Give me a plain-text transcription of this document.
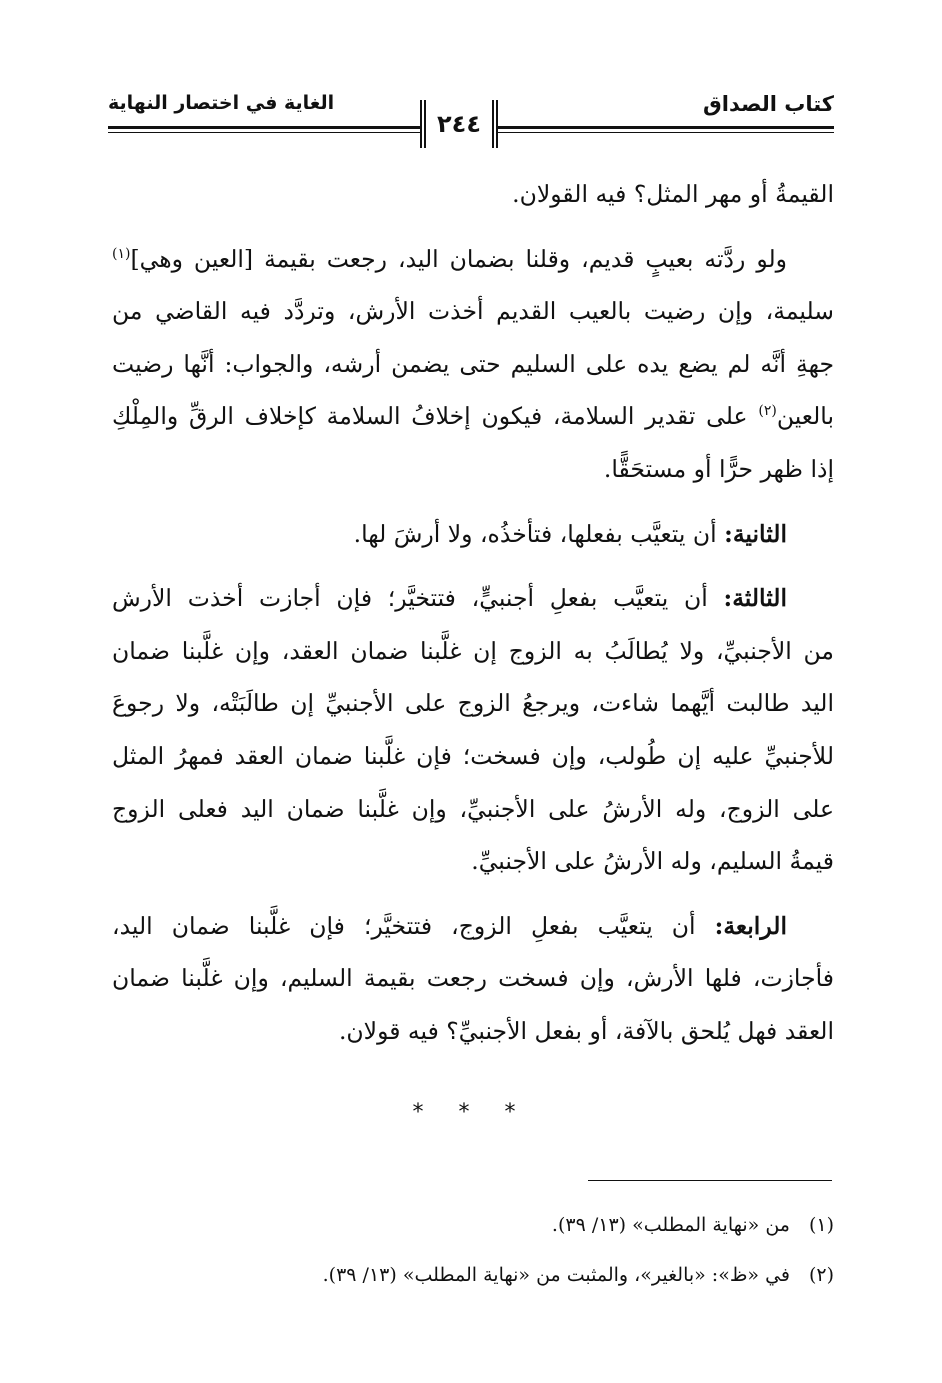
كتاب الصداق
الغاية في اختصار النهاية
٢٤٤
القيمةُ أو مهر المثل؟ فيه القولان.
  ولو ردَّته بعيبٍ قديم، وقلنا بضمان اليد، رجعت بقيمة [العين وهي]$^{(١)}$
سليمة، وإن رضيت بالعيب القديم أخذت الأرش، وتردَّد فيه القاضي من
جهةِ أنَّه لم يضع يده على السليم حتى يضمن أرشه، والجواب: أنَّها رضيت
بالعين$^{(٢)}$ على تقدير السلامة، فيكون إخلافُ السلامة كإخلاف الرقِّ والمِلْكِ
إذا ظهر حرًّا أو مستحَقًّا.
  الثانية: أن يتعيَّب بفعلها، فتأخذُه، ولا أرشَ لها.
  الثالثة: أن يتعيَّب بفعلِ أجنبيٍّ، فتتخيَّر؛ فإن أجازت أخذت الأرش
من الأجنبيِّ، ولا يُطالَبُ به الزوج إن غلَّبنا ضمان العقد، وإن غلَّبنا ضمان
اليد طالبت أيَّهما شاءت، ويرجعُ الزوج على الأجنبيِّ إن طالَبَتْه، ولا رجوعَ
للأجنبيِّ عليه إن طُولب، وإن فسخت؛ فإن غلَّبنا ضمان العقد فمهرُ المثل
على الزوج، وله الأرشُ على الأجنبيِّ، وإن غلَّبنا ضمان اليد فعلى الزوج
قيمةُ السليم، وله الأرشُ على الأجنبيِّ.
  الرابعة: أن يتعيَّب بفعلِ الزوج، فتتخيَّر؛ فإن غلَّبنا ضمان اليد،
فأجازت، فلها الأرش، وإن فسخت رجعت بقيمة السليم، وإن غلَّبنا ضمان
العقد فهل يُلحق بالآفة، أو بفعل الأجنبيِّ؟ فيه قولان.
* * *
(١)من «نهاية المطلب» (١٣/ ٣٩).
(٢)في «ظ»: «بالغير»، والمثبت من «نهاية المطلب» (١٣/ ٣٩).
